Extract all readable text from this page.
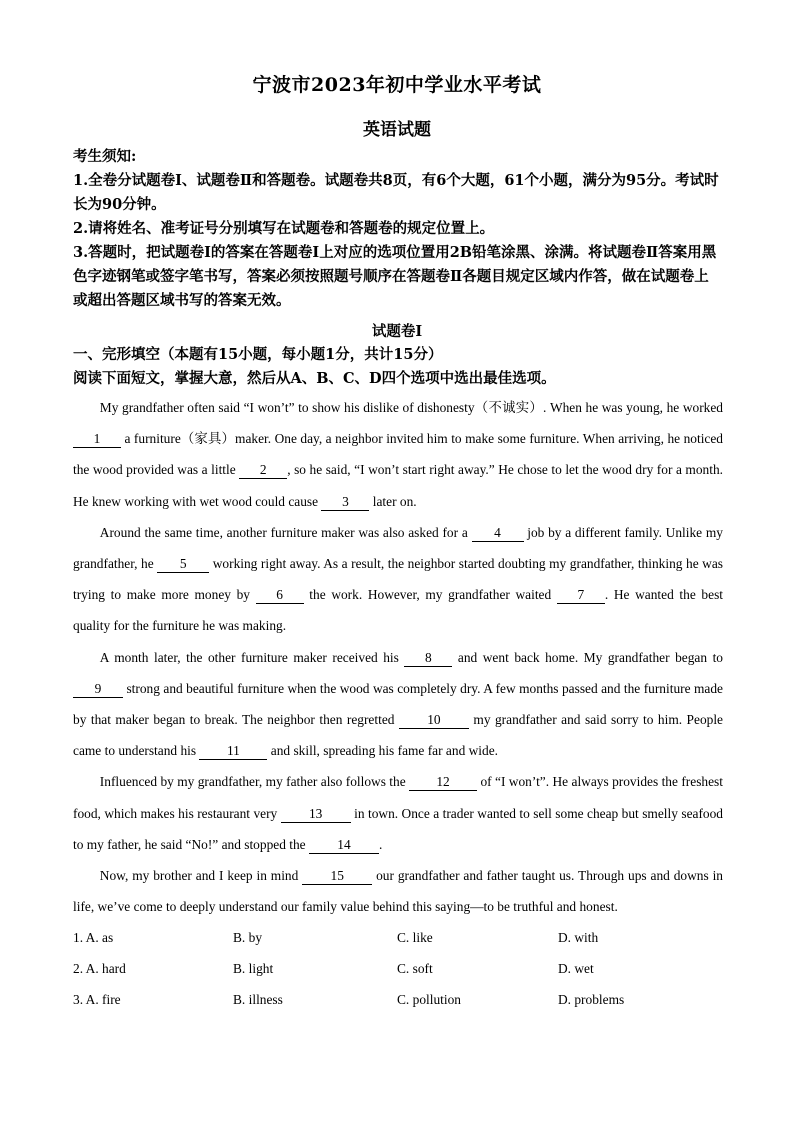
宁波市2023年初中学业水平考试
英语试题

考生须知:

1.全卷分试题卷Ⅰ、试题卷Ⅱ和答题卷。试题卷共8页，有6个大题，61个小题，满分为95分。考试时长为90分钟。

2.请将姓名、准考证号分别填写在试题卷和答题卷的规定位置上。

3.答题时，把试题卷Ⅰ的答案在答题卷Ⅰ上对应的选项位置用2B铅笔涂黑、涂满。将试题卷Ⅱ答案用黑色字迹钢笔或签字笔书写，答案必须按照题号顺序在答题卷Ⅱ各题目规定区域内作答，做在试题卷上或超出答题区域书写的答案无效。

试题卷Ⅰ
一、完形填空（本题有15小题，每小题1分，共计15分）
阅读下面短文，掌握大意，然后从A、B、C、D四个选项中选出最佳选项。

My grandfather often said “I won’t” to show his dislike of dishonesty（不诚实）. When he was young, he worked 1 a furniture（家具）maker. One day, a neighbor invited him to make some furniture. When arriving, he noticed the wood provided was a little 2 , so he said, “I won’t start right away.” He chose to let the wood dry for a month. He knew working with wet wood could cause 3 later on.

Around the same time, another furniture maker was also asked for a 4 job by a different family. Unlike my grandfather, he 5 working right away. As a result, the neighbor started doubting my grandfather, thinking he was trying to make more money by 6 the work. However, my grandfather waited 7 . He wanted the best quality for the furniture he was making.

A month later, the other furniture maker received his 8 and went back home. My grandfather began to 9 strong and beautiful furniture when the wood was completely dry. A few months passed and the furniture made by that maker began to break. The neighbor then regretted 10 my grandfather and said sorry to him. People came to understand his 11 and skill, spreading his fame far and wide.

Influenced by my grandfather, my father also follows the 12 of “I won’t”. He always provides the freshest food, which makes his restaurant very 13 in town. Once a trader wanted to sell some cheap but smelly seafood to my father, he said “No!” and stopped the 14 .

Now, my brother and I keep in mind 15 our grandfather and father taught us. Through ups and downs in life, we’ve come to deeply understand our family value behind this saying—to be truthful and honest.

1. A. as	B. by	C. like	D. with
2. A. hard	B. light	C. soft	D. wet
3. A. fire	B. illness	C. pollution	D. problems
